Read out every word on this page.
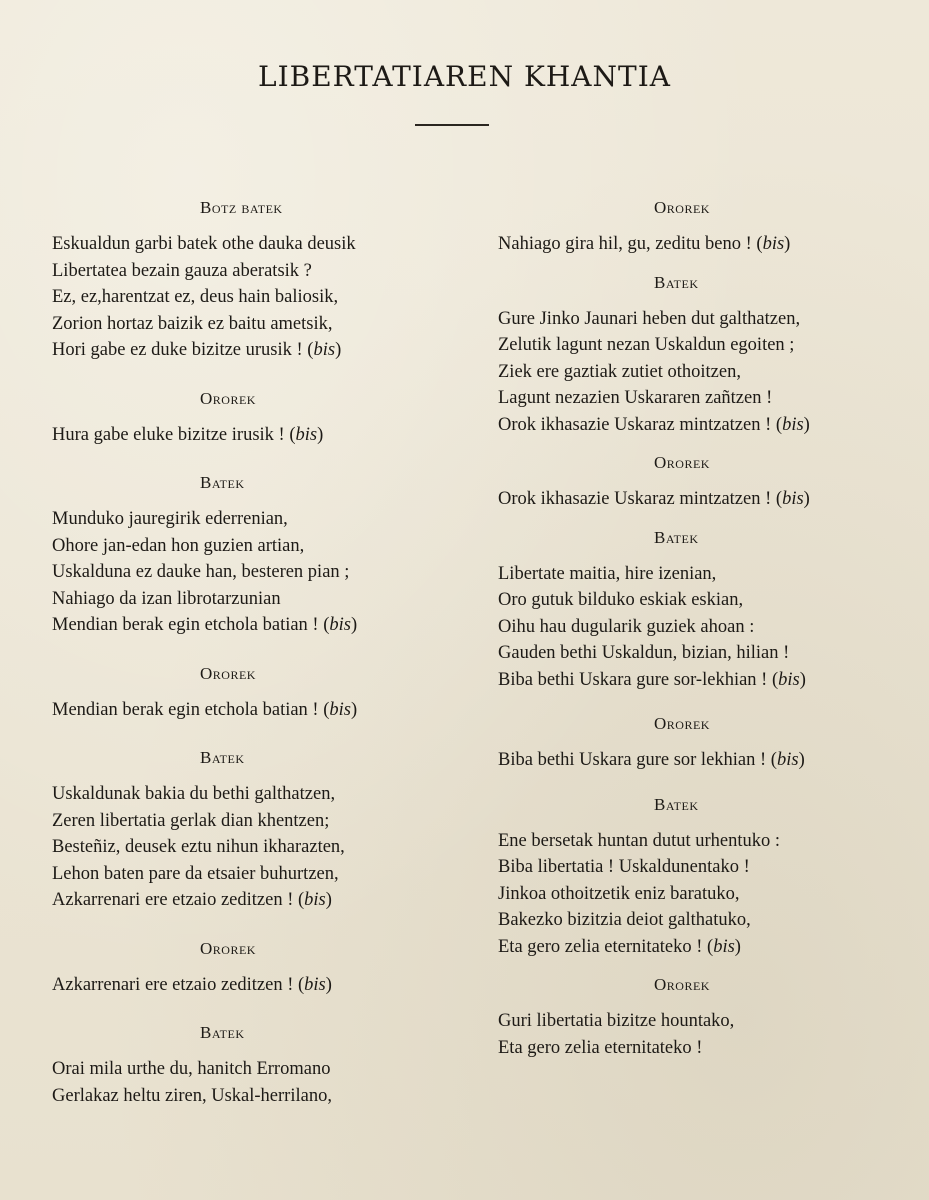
LIBERTATIAREN KHANTIA
Botz batek
Eskualdun garbi batek othe dauka deusik
Libertatea bezain gauza aberatsik ?
Ez, ez,harentzat ez, deus hain baliosik,
Zorion hortaz baizik ez baitu ametsik,
Hori gabe ez duke bizitze urusik ! (bis)
Ororek
Hura gabe eluke bizitze irusik ! (bis)
Batek
Munduko jauregirik ederrenian,
Ohore jan-edan hon guzien artian,
Uskalduna ez dauke han, besteren pian ;
Nahiago da izan librotarzunian
Mendian berak egin etchola batian ! (bis)
Ororek
Mendian berak egin etchola batian ! (bis)
Batek
Uskaldunak bakia du bethi galthatzen,
Zeren libertatia gerlak dian khentzen;
Besteñiz, deusek eztu nihun ikharazten,
Lehon baten pare da etsaier buhurtzen,
Azkarrenari ere etzaio zeditzen ! (bis)
Ororek
Azkarrenari ere etzaio zeditzen ! (bis)
Batek
Orai mila urthe du, hanitch Erromano
Gerlakaz heltu ziren, Uskal-herrilano,
Ororek
Nahiago gira hil, gu, zeditu beno ! (bis)
Batek
Gure Jinko Jaunari heben dut galthatzen,
Zelutik lagunt nezan Uskaldun egoiten ;
Ziek ere gaztiak zutiet othoitzen,
Lagunt nezazien Uskararen zañtzen !
Orok ikhasazie Uskaraz mintzatzen ! (bis)
Ororek
Orok ikhasazie Uskaraz mintzatzen ! (bis)
Batek
Libertate maitia, hire izenian,
Oro gutuk bilduko eskiak eskian,
Oihu hau dugularik guziek ahoan :
Gauden bethi Uskaldun, bizian, hilian !
Biba bethi Uskara gure sor-lekhian ! (bis)
Ororek
Biba bethi Uskara gure sor lekhian ! (bis)
Batek
Ene bersetak huntan dutut urhentuko :
Biba libertatia ! Uskaldunentako !
Jinkoa othoitzetik eniz baratuko,
Bakezko bizitzia deiot galthatuko,
Eta gero zelia eternitateko ! (bis)
Ororek
Guri libertatia bizitze hountako,
Eta gero zelia eternitateko !
